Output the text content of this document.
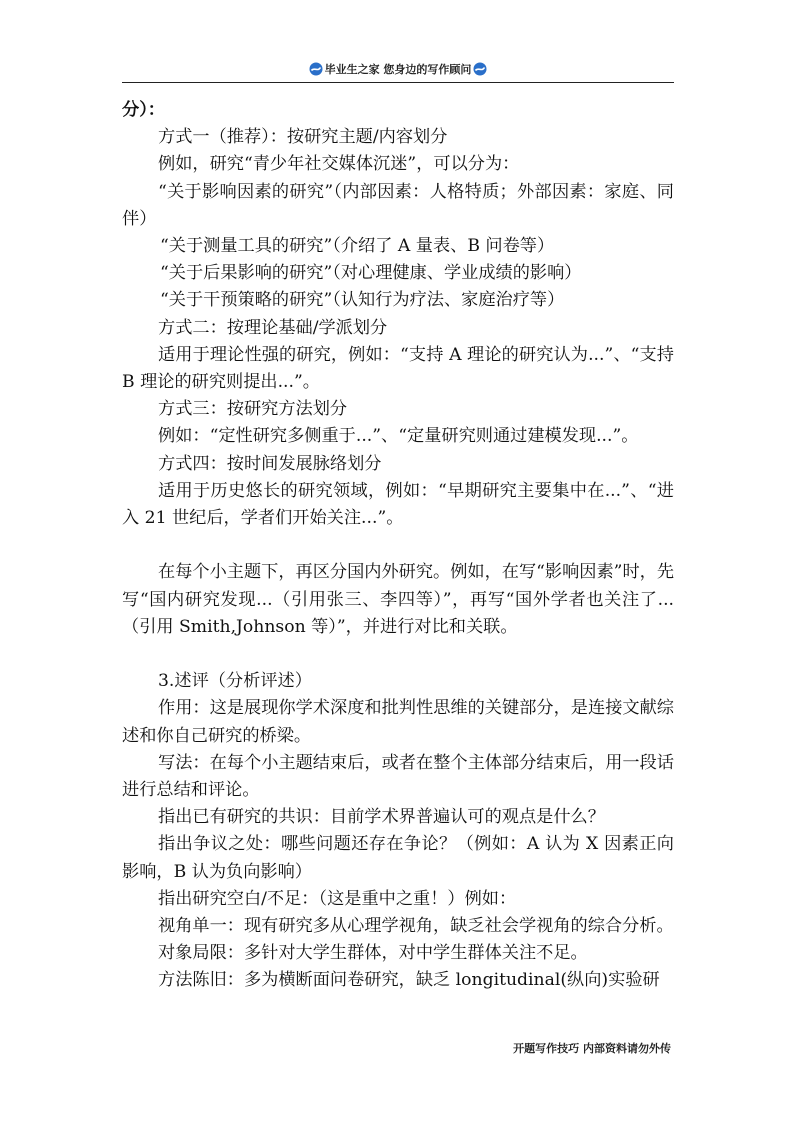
毕业生之家 您身边的写作顾问

分）：

方式一（推荐）：按研究主题/内容划分

例如，研究“青少年社交媒体沉迷”，可以分为：

“关于影响因素的研究”（内部因素：人格特质；外部因素：家庭、同伴）

“关于测量工具的研究”（介绍了 A 量表、B 问卷等）

“关于后果影响的研究”（对心理健康、学业成绩的影响）

“关于干预策略的研究”（认知行为疗法、家庭治疗等）

方式二：按理论基础/学派划分

适用于理论性强的研究，例如：“支持 A 理论的研究认为...”、“支持 B 理论的研究则提出...”。

方式三：按研究方法划分

例如：“定性研究多侧重于...”、“定量研究则通过建模发现...”。

方式四：按时间发展脉络划分

适用于历史悠长的研究领域，例如：“早期研究主要集中在...”、“进入 21 世纪后，学者们开始关注...”。

在每个小主题下，再区分国内外研究。例如，在写“影响因素”时，先写“国内研究发现...（引用张三、李四等）”，再写“国外学者也关注了...（引用 Smith,Johnson 等）”，并进行对比和关联。

3.述评（分析评述）

作用：这是展现你学术深度和批判性思维的关键部分，是连接文献综述和你自己研究的桥梁。

写法：在每个小主题结束后，或者在整个主体部分结束后，用一段话进行总结和评论。

指出已有研究的共识：目前学术界普遍认可的观点是什么？

指出争议之处：哪些问题还存在争论？（例如：A 认为 X 因素正向影响，B 认为负向影响）

指出研究空白/不足：（这是重中之重！）例如：

视角单一：现有研究多从心理学视角，缺乏社会学视角的综合分析。

对象局限：多针对大学生群体，对中学生群体关注不足。

方法陈旧：多为横断面问卷研究，缺乏 longitudinal(纵向)实验研

开题写作技巧 内部资料请勿外传
